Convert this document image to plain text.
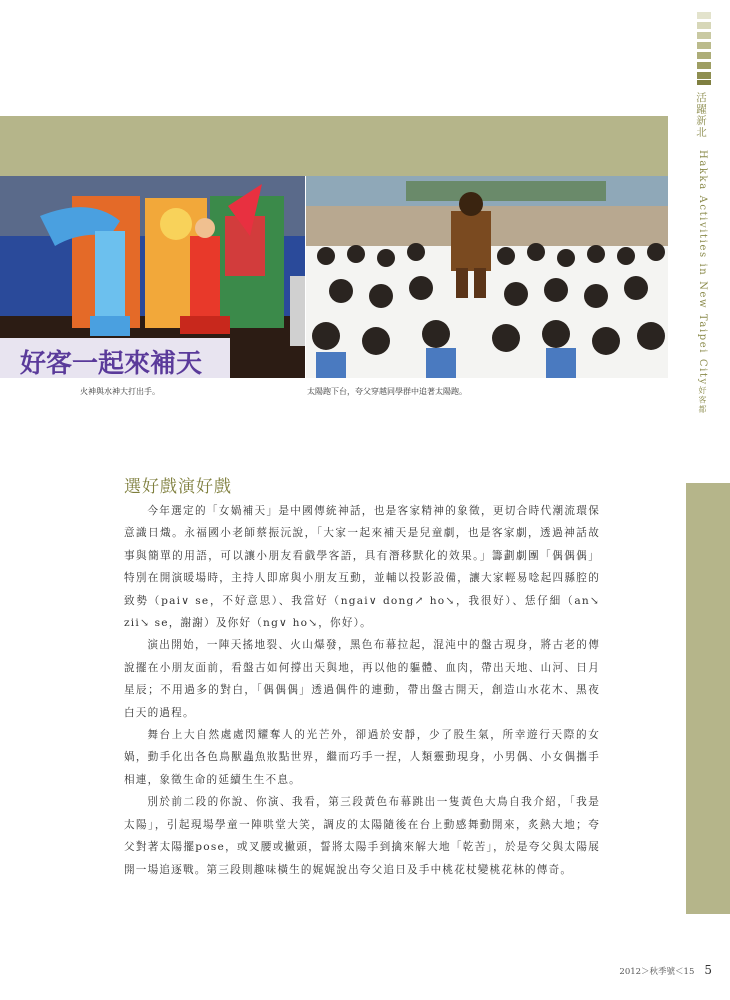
活躍新北
Hakka Activities in New Taipei City好客都
好客一起來補天
火神與水神大打出手。	太陽跑下台，夸父穿越同學群中追著太陽跑。
選好戲演好戲

今年選定的「女媧補天」是中國傳統神話，也是客家精神的象徵，更切合時代潮流環保意識日熾。永福國小老師蔡振沅說，「大家一起來補天是兒童劇，也是客家劇，透過神話故事與簡單的用語，可以讓小朋友看戲學客語，具有潛移默化的效果。」籌劃劇團「偶偶偶」特別在開演暖場時，主持人即席與小朋友互動，並輔以投影設備，讓大家輕易唸起四縣腔的致勢（pai∨ se，不好意思）、我當好（ngai∨ dong↗ ho↘，我很好）、恁仔細（an↘ zii↘ se，謝謝）及你好（ng∨ ho↘，你好）。

演出開始，一陣天搖地裂、火山爆發，黑色布幕拉起，混沌中的盤古現身，將古老的傳說擺在小朋友面前，看盤古如何撐出天與地，再以他的軀體、血肉，帶出天地、山河、日月星辰；不用過多的對白，「偶偶偶」透過偶件的連動，帶出盤古開天，創造山水花木、黑夜白天的過程。

舞台上大自然處處閃耀奪人的光芒外，卻過於安靜，少了股生氣，所幸遊行天際的女媧，動手化出各色鳥獸蟲魚妝點世界，繼而巧手一捏，人類靈動現身，小男偶、小女偶攜手相連，象徵生命的延續生生不息。

別於前二段的你說、你演、我看，第三段黃色布幕跳出一隻黃色大鳥自我介紹，「我是太陽」，引起現場學童一陣哄堂大笑，調皮的太陽隨後在台上動感舞動開來，炙熱大地；夸父對著太陽擺pose，或叉腰或撇頭，誓將太陽手到擒來解大地「乾苦」，於是夸父與太陽展開一場追逐戰。第三段則趣味橫生的娓娓說出夸父追日及手中桃花杖變桃花林的傳奇。

2012＞秋季號＜15 5
